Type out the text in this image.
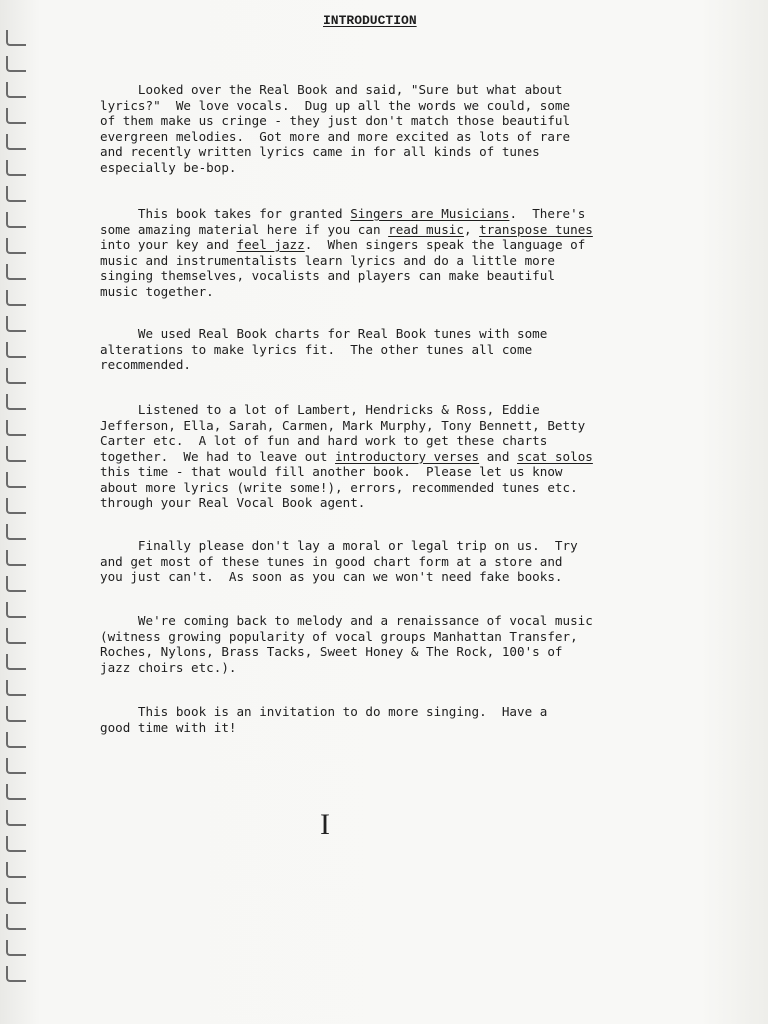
INTRODUCTION
Looked over the Real Book and said, "Sure but what about
lyrics?"  We love vocals.  Dug up all the words we could, some
of them make us cringe - they just don't match those beautiful
evergreen melodies.  Got more and more excited as lots of rare
and recently written lyrics came in for all kinds of tunes
especially be-bop.
This book takes for granted Singers are Musicians.  There's
some amazing material here if you can read music, transpose tunes
into your key and feel jazz.  When singers speak the language of
music and instrumentalists learn lyrics and do a little more
singing themselves, vocalists and players can make beautiful
music together.
We used Real Book charts for Real Book tunes with some
alterations to make lyrics fit.  The other tunes all come
recommended.
Listened to a lot of Lambert, Hendricks & Ross, Eddie
Jefferson, Ella, Sarah, Carmen, Mark Murphy, Tony Bennett, Betty
Carter etc.  A lot of fun and hard work to get these charts
together.  We had to leave out introductory verses and scat solos
this time - that would fill another book.  Please let us know
about more lyrics (write some!), errors, recommended tunes etc.
through your Real Vocal Book agent.
Finally please don't lay a moral or legal trip on us.  Try
and get most of these tunes in good chart form at a store and
you just can't.  As soon as you can we won't need fake books.
We're coming back to melody and a renaissance of vocal music
(witness growing popularity of vocal groups Manhattan Transfer,
Roches, Nylons, Brass Tacks, Sweet Honey & The Rock, 100's of
jazz choirs etc.).
This book is an invitation to do more singing.  Have a
good time with it!
I
